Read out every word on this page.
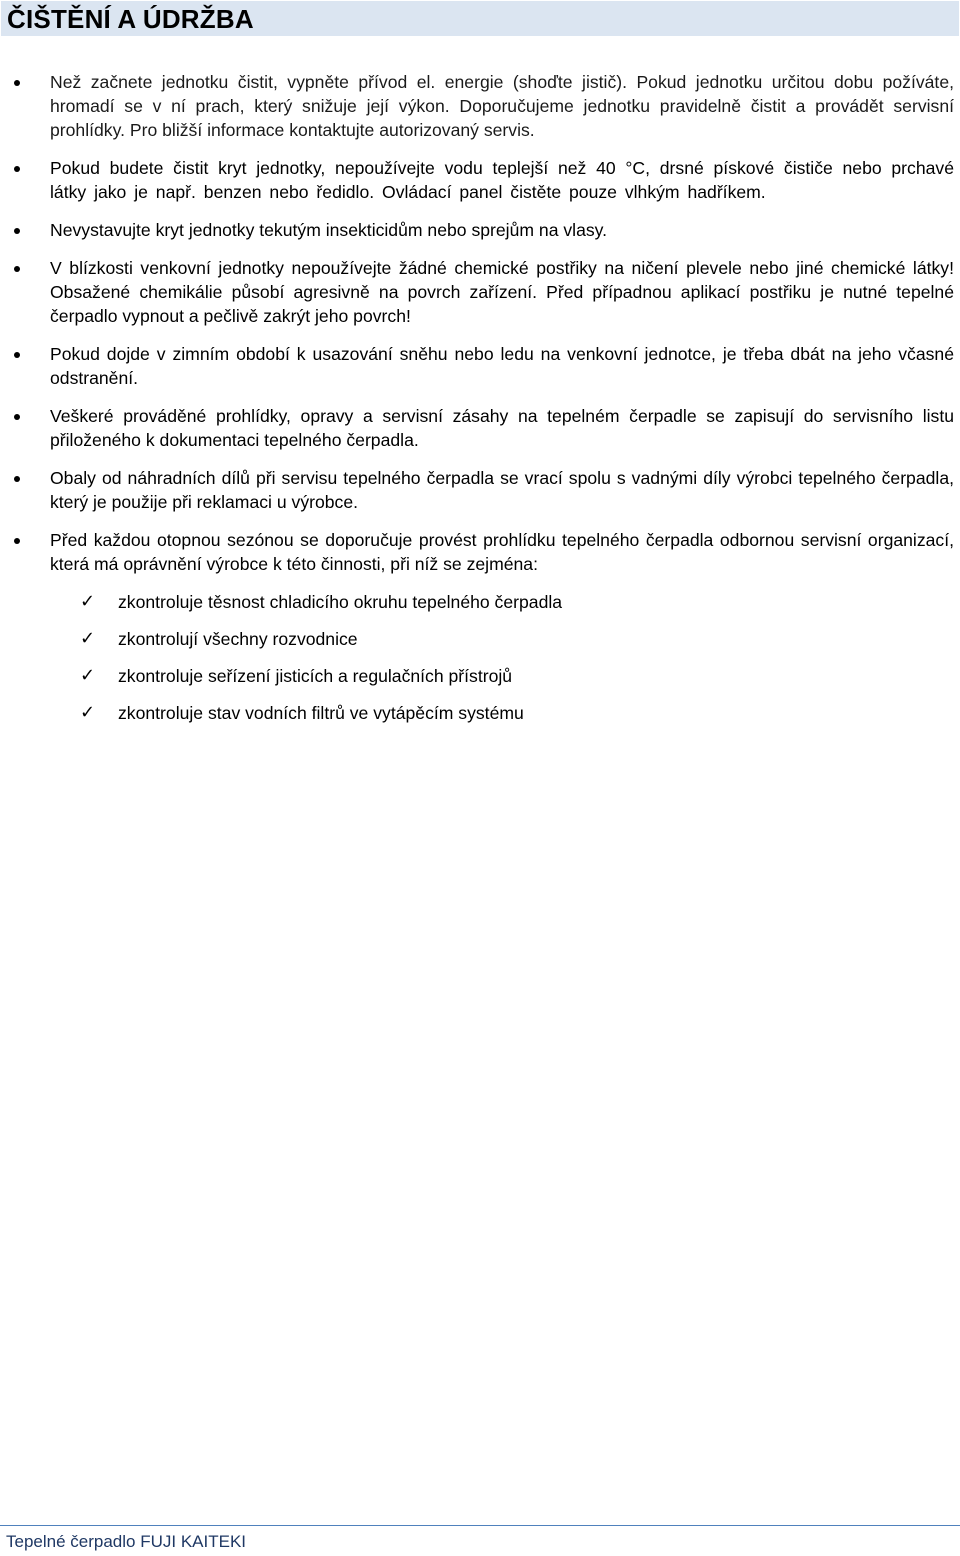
ČIŠTĚNÍ A ÚDRŽBA
Než začnete jednotku čistit, vypněte přívod el. energie (shoďte jistič). Pokud jednotku určitou dobu požíváte, hromadí se v ní prach, který snižuje její výkon. Doporučujeme jednotku pravidelně čistit a provádět servisní prohlídky. Pro bližší informace kontaktujte autorizovaný servis.
Pokud budete čistit kryt jednotky, nepoužívejte vodu teplejší než 40 °C, drsné pískové čističe nebo prchavé látky jako je např. benzen nebo ředidlo. Ovládací panel čistěte pouze vlhkým hadříkem.
Nevystavujte kryt jednotky tekutým insekticidům nebo sprejům na vlasy.
V blízkosti venkovní jednotky nepoužívejte žádné chemické postřiky na ničení plevele nebo jiné chemické látky! Obsažené chemikálie působí agresivně na povrch zařízení. Před případnou aplikací postřiku je nutné tepelné čerpadlo vypnout a pečlivě zakrýt jeho povrch!
Pokud dojde v zimním období k usazování sněhu nebo ledu na venkovní jednotce, je třeba dbát na jeho včasné odstranění.
Veškeré prováděné prohlídky, opravy a servisní zásahy na tepelném čerpadle se zapisují do servisního listu přiloženého k dokumentaci tepelného čerpadla.
Obaly od náhradních dílů při servisu tepelného čerpadla se vrací spolu s vadnými díly výrobci tepelného čerpadla, který je použije při reklamaci u výrobce.
Před každou otopnou sezónou se doporučuje provést prohlídku tepelného čerpadla odbornou servisní organizací, která má oprávnění výrobce k této činnosti, při níž se zejména:
✓ zkontroluje těsnost chladicího okruhu tepelného čerpadla
✓ zkontrolují všechny rozvodnice
✓ zkontroluje seřízení jisticích a regulačních přístrojů
✓ zkontroluje stav vodních filtrů ve vytápěcím systému
Tepelné čerpadlo FUJI KAITEKI
